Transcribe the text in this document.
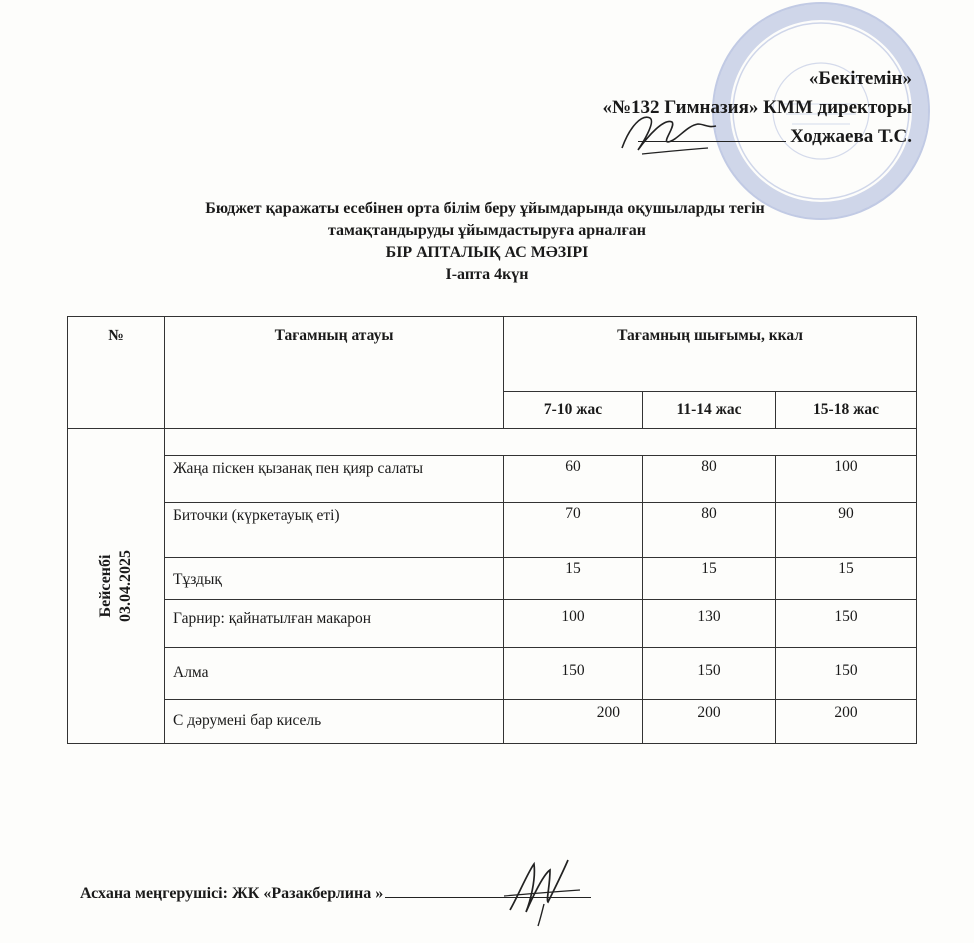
«Бекітемін»
«№132 Гимназия» КММ директоры
Ходжаева Т.С.
Бюджет қаражаты есебінен орта білім беру ұйымдарында оқушыларды тегін
тамақтандыруды ұйымдастыруға арналған
БІР АПТАЛЫҚ АС МӘЗІРІ
І-апта 4күн
№	Тағамның атауы	Тағамның шығымы, ккал		
		7-10 жас	11-14 жас	15-18 жас

Бейсенбі 03.04.2025				

	Жаңа піскен қызанақ пен қияр салаты	60	80	100
	Биточки (күркетауық еті)	70	80	90
	Тұздық	15	15	15
	Гарнир: қайнатылған макарон	100	130	150
	Алма	150	150	150
	С дәрумені бар кисель	200	200	200
Асхана меңгерушісі: ЖК «Разакберлина »
